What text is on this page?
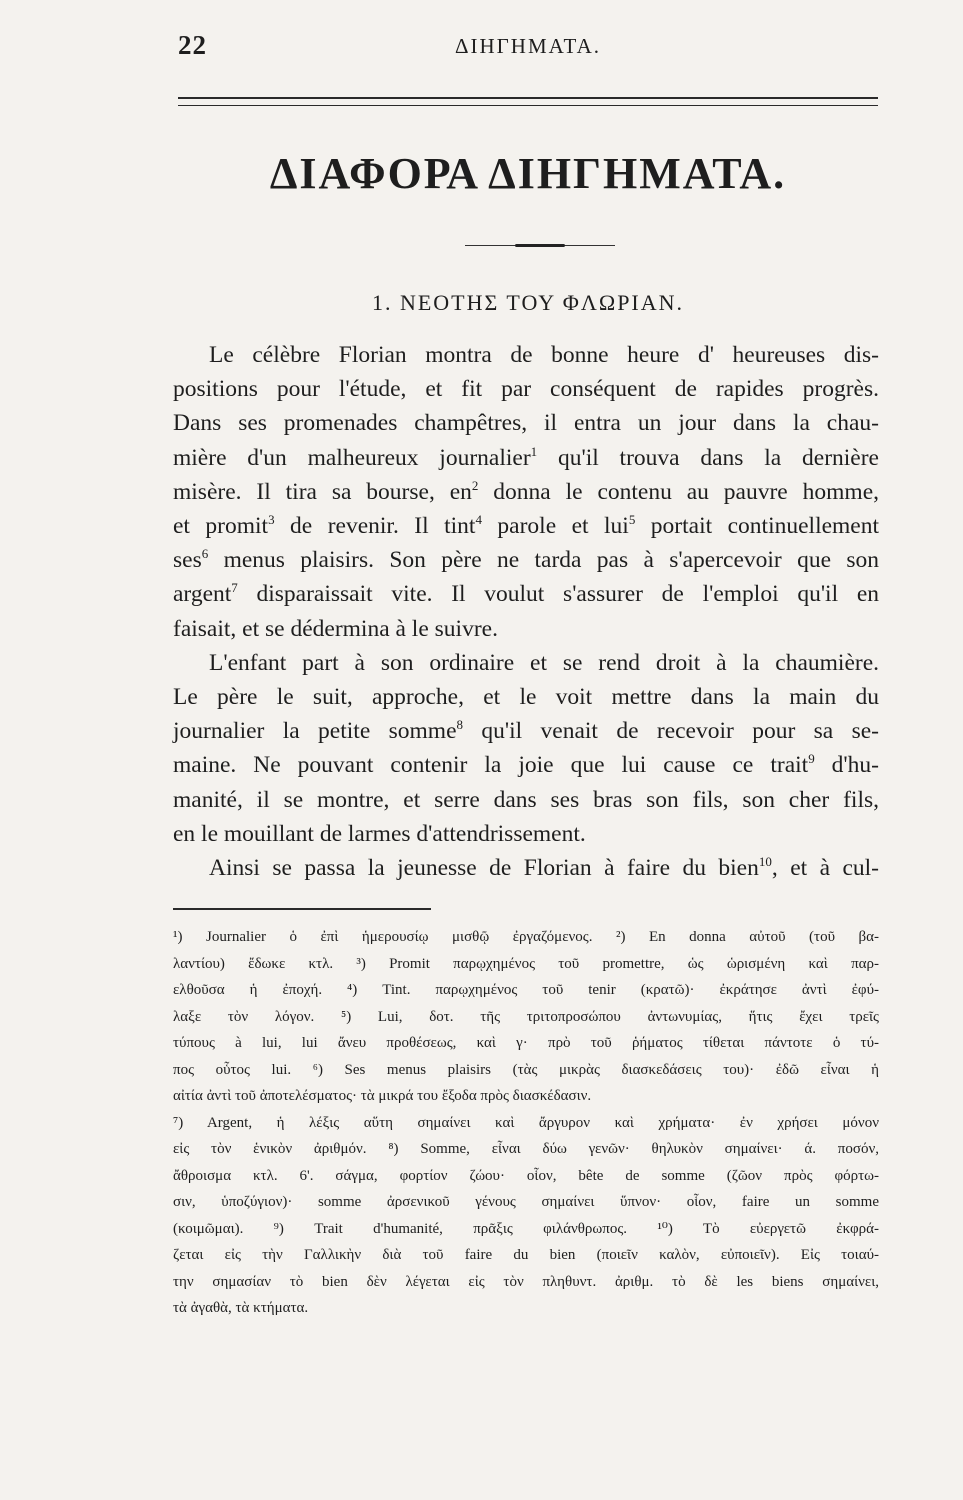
22	ΔΙΗΓΗΜΑΤΑ.
ΔΙΑΦΟΡΑ ΔΙΗΓΗΜΑΤΑ.
1. ΝΕΟΤΗΣ ΤΟΥ ΦΛΩΡΙΑΝ.
Le célèbre Florian montra de bonne heure d' heureuses dis-
positions pour l'étude, et fit par conséquent de rapides progrès.
Dans ses promenades champêtres, il entra un jour dans la chau-
mière d'un malheureux journalier$^1$ qu'il trouva dans la dernière
misère. Il tira sa bourse, $en^2$ donna le contenu au pauvre homme,
et promit$^3$ de revenir. Il tint$^4$ parole et lui$^5$ portait continuellement
ses$^6$ menus plaisirs. Son père ne tarda pas à s'apercevoir que son
argent$^7$ disparaissait vite. Il voulut s'assurer de l'emploi qu'il en
faisait, et se dédermina à le suivre.
L'enfant part à son ordinaire et se rend droit à la chaumière.
Le père le suit, approche, et le voit mettre dans la main du
journalier la petite somme$^8$ qu'il venait de recevoir pour sa se-
maine. Ne pouvant contenir la joie que lui cause ce trait$^9$ d'hu-
manité, il se montre, et serre dans ses bras son fils, son cher fils,
en le mouillant de larmes d'attendrissement.
Ainsi se passa la jeunesse de Florian à faire du bien$^{10}$, et à cul-
¹) Journalier ὁ ἐπὶ ἡμερουσίῳ μισθῷ ἐργαζόμενος. ²) En donna αὐτοῦ (τοῦ βα-
λαντίου) ἔδωκε κτλ. ³) Promit παρῳχημένος τοῦ promettre, ὡς ὡρισμένη καὶ παρ-
ελθοῦσα ἡ ἐποχή. ⁴) Tint. παρῳχημένος τοῦ tenir (κρατῶ)· ἐκράτησε ἀντὶ ἐφύ-
λαξε τὸν λόγον. ⁵) Lui, δοτ. τῆς τριτοπροσώπου ἀντωνυμίας, ἥτις ἔχει τρεῖς
τύπους à lui, lui ἄνευ προθέσεως, καὶ γ· πρὸ τοῦ ῥήματος τίθεται πάντοτε ὁ τύ-
πος οὗτος lui. ⁶) Ses menus plaisirs (τὰς μικρὰς διασκεδάσεις του)· ἐδῶ εἶναι ἡ
αἰτία ἀντὶ τοῦ ἀποτελέσματος· τὰ μικρά του ἔξοδα πρὸς διασκέδασιν.
⁷) Argent, ἡ λέξις αὕτη σημαίνει καὶ ἄργυρον καὶ χρήματα· ἐν χρήσει μόνον
εἰς τὸν ἑνικὸν ἀριθμόν. ⁸) Somme, εἶναι δύω γενῶν· θηλυκὸν σημαίνει· ά. ποσόν,
ἄθροισμα κτλ. 6'. σάγμα, φορτίον ζώου· οἷον, bête de somme (ζῶον πρὸς φόρτω-
σιν, ὑποζύγιον)· somme ἀρσενικοῦ γένους σημαίνει ὕπνον· οἷον, faire un somme
(κοιμῶμαι). ⁹) Trait d'humanité, πρᾶξις φιλάνθρωπος. ¹⁰) Τὸ εὐεργετῶ ἐκφρά-
ζεται εἰς τὴν Γαλλικὴν διὰ τοῦ faire du bien (ποιεῖν καλὸν, εὐποιεῖν). Εἰς τοιαύ-
την σημασίαν τὸ bien δὲν λέγεται εἰς τὸν πληθυντ. ἀριθμ. τὸ δὲ les biens σημαίνει,
τὰ ἀγαθὰ, τὰ κτήματα.
